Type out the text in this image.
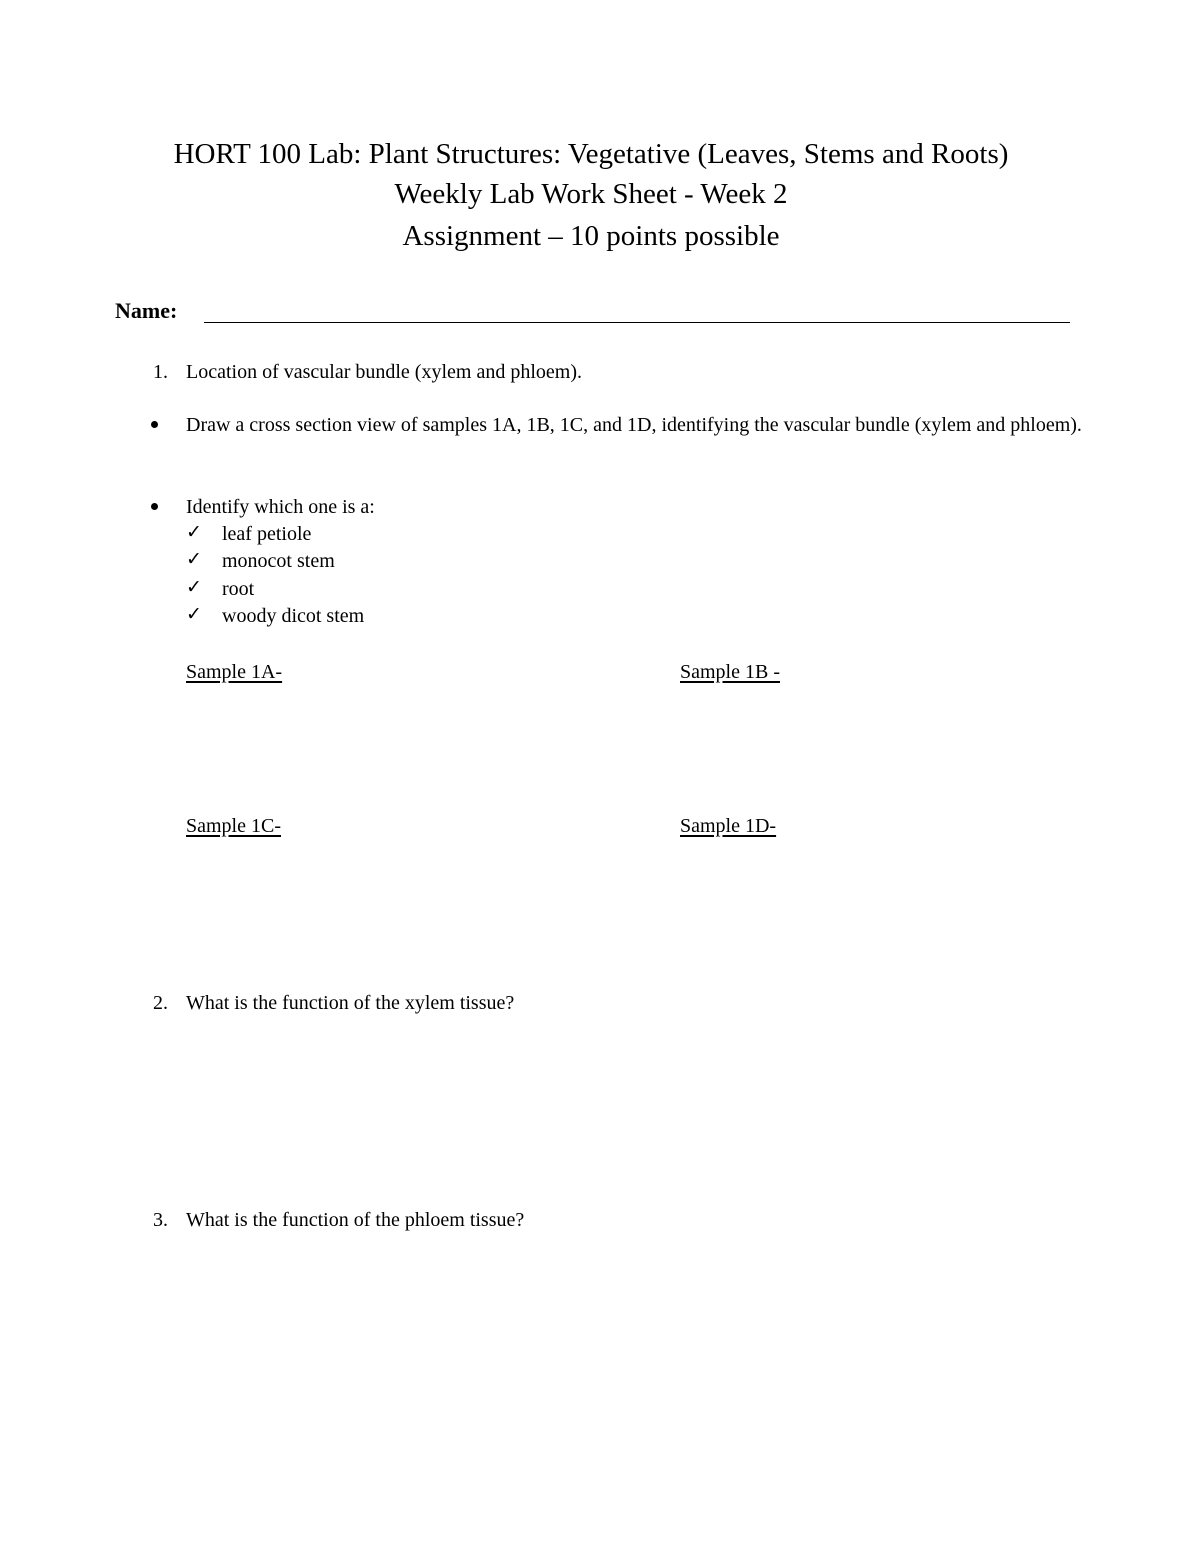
HORT 100 Lab: Plant Structures: Vegetative (Leaves, Stems and Roots)
Weekly Lab Work Sheet - Week 2
Assignment – 10 points possible
Name:
1. Location of vascular bundle (xylem and phloem).
Draw a cross section view of samples 1A, 1B, 1C, and 1D, identifying the vascular bundle (xylem and phloem).
Identify which one is a:
✓ leaf petiole
✓ monocot stem
✓ root
✓ woody dicot stem
Sample 1A-	Sample 1B -
Sample 1C-	Sample 1D-
2. What is the function of the xylem tissue?
3. What is the function of the phloem tissue?
